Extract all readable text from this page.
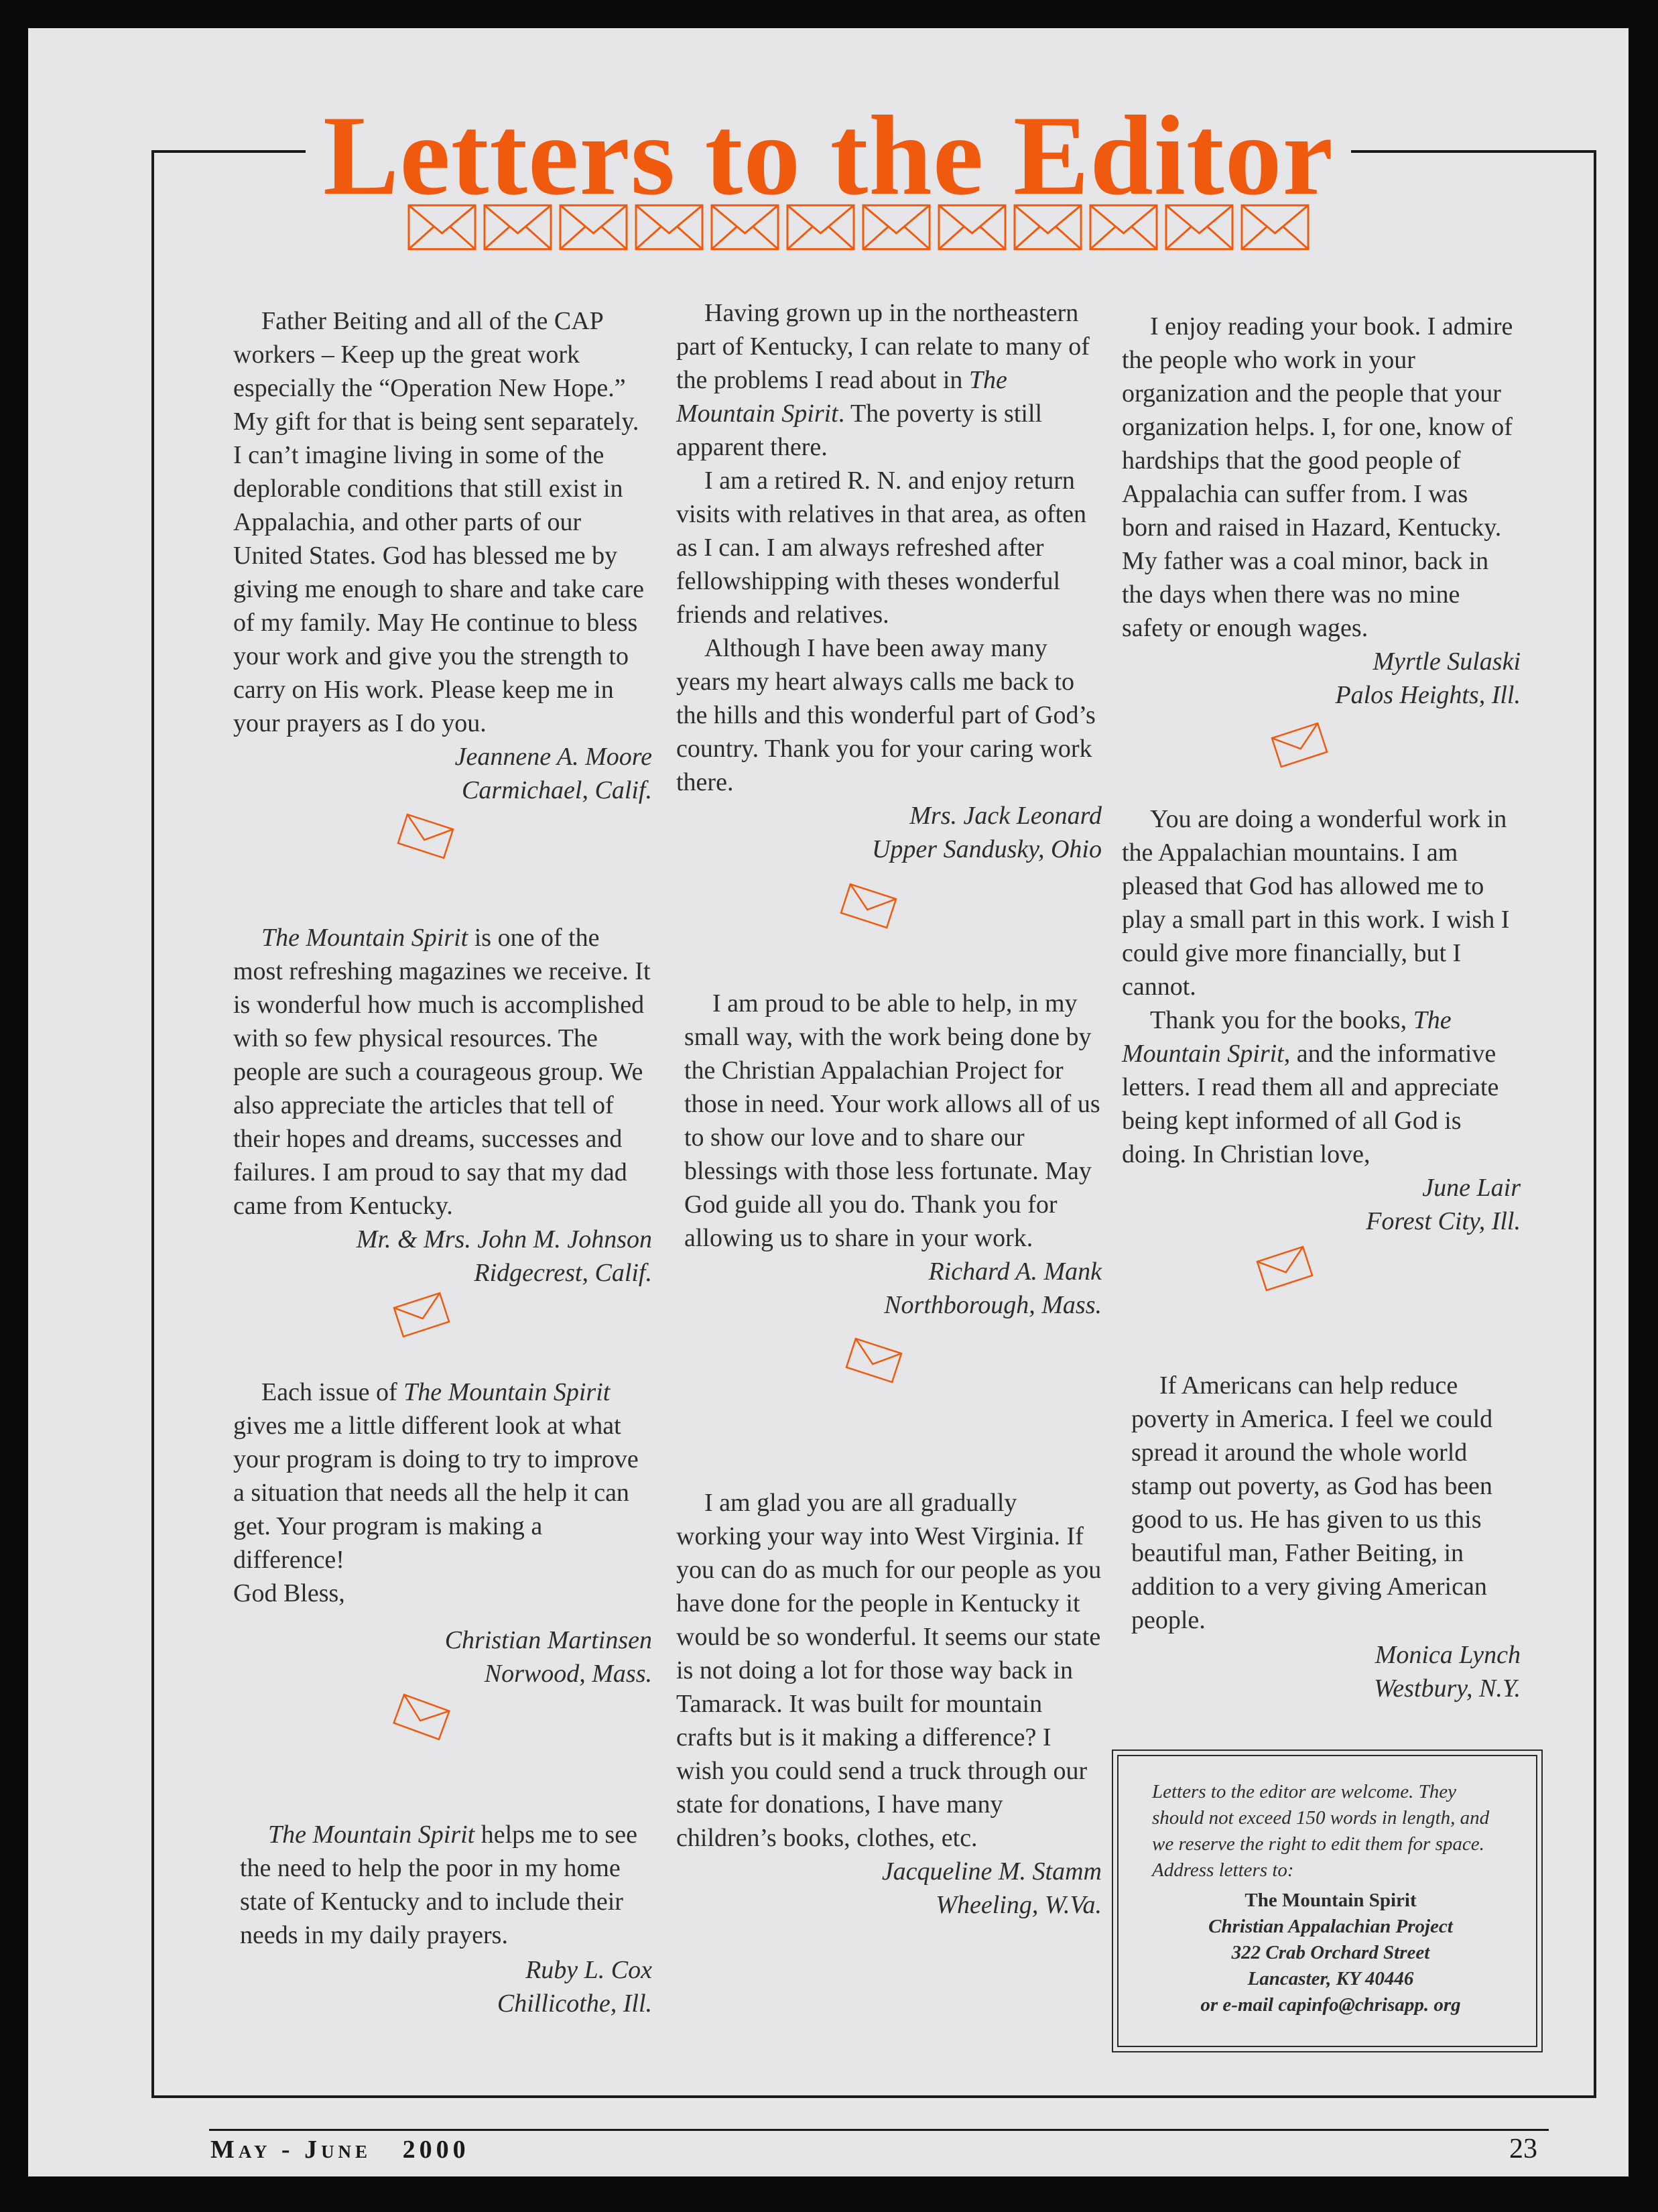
Letters to the Editor

Father Beiting and all of the CAP workers – Keep up the great work especially the “Operation New Hope.” My gift for that is being sent separately. I can’t imagine living in some of the deplorable conditions that still exist in Appalachia, and other parts of our United States. God has blessed me by giving me enough to share and take care of my family. May He continue to bless your work and give you the strength to carry on His work. Please keep me in your prayers as I do you.

Jeannene A. Moore
Carmichael, Calif.

The Mountain Spirit is one of the most refreshing magazines we receive. It is wonderful how much is accomplished with so few physical resources. The people are such a courageous group. We also appreciate the articles that tell of their hopes and dreams, successes and failures. I am proud to say that my dad came from Kentucky.

Mr. & Mrs. John M. Johnson
Ridgecrest, Calif.

Each issue of The Mountain Spirit gives me a little different look at what your program is doing to try to improve a situation that needs all the help it can get. Your program is making a difference!

God Bless,

Christian Martinsen
Norwood, Mass.

The Mountain Spirit helps me to see the need to help the poor in my home state of Kentucky and to include their needs in my daily prayers.

Ruby L. Cox
Chillicothe, Ill.

Having grown up in the northeastern part of Kentucky, I can relate to many of the problems I read about in The Mountain Spirit. The poverty is still apparent there.

I am a retired R. N. and enjoy return visits with relatives in that area, as often as I can. I am always refreshed after fellowshipping with theses wonderful friends and relatives.

Although I have been away many years my heart always calls me back to the hills and this wonderful part of God’s country. Thank you for your caring work there.

Mrs. Jack Leonard
Upper Sandusky, Ohio

I am proud to be able to help, in my small way, with the work being done by the Christian Appalachian Project for those in need. Your work allows all of us to show our love and to share our blessings with those less fortunate. May God guide all you do. Thank you for allowing us to share in your work.

Richard A. Mank
Northborough, Mass.

I am glad you are all gradually working your way into West Virginia. If you can do as much for our people as you have done for the people in Kentucky it would be so wonderful. It seems our state is not doing a lot for those way back in Tamarack. It was built for mountain crafts but is it making a difference? I wish you could send a truck through our state for donations, I have many children’s books, clothes, etc.

Jacqueline M. Stamm
Wheeling, W.Va.

I enjoy reading your book. I admire the people who work in your organization and the people that your organization helps. I, for one, know of hardships that the good people of Appalachia can suffer from. I was born and raised in Hazard, Kentucky. My father was a coal minor, back in the days when there was no mine safety or enough wages.

Myrtle Sulaski
Palos Heights, Ill.

You are doing a wonderful work in the Appalachian mountains. I am pleased that God has allowed me to play a small part in this work. I wish I could give more financially, but I cannot.

Thank you for the books, The Mountain Spirit, and the informative letters. I read them all and appreciate being kept informed of all God is doing. In Christian love,

June Lair
Forest City, Ill.

If Americans can help reduce poverty in America. I feel we could spread it around the whole world stamp out poverty, as God has been good to us. He has given to us this beautiful man, Father Beiting, in addition to a very giving American people.

Monica Lynch
Westbury, N.Y.

Letters to the editor are welcome. They should not exceed 150 words in length, and we reserve the right to edit them for space. Address letters to:

The Mountain Spirit
Christian Appalachian Project
322 Crab Orchard Street
Lancaster, KY 40446
or e-mail capinfo@chrisapp. org
MAY - JUNE 2000	23
